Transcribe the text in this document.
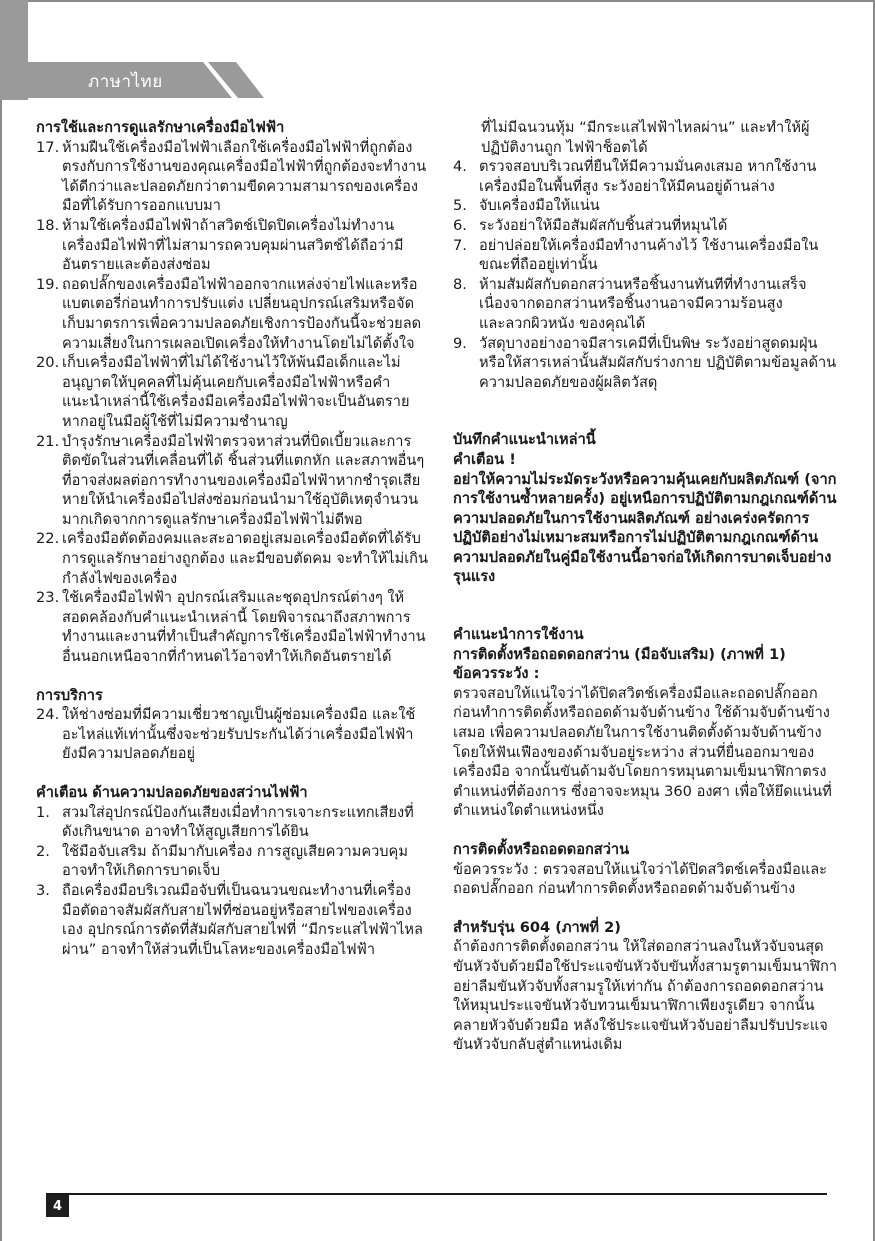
ภาษาไทย
การใช้และการดูแลรักษาเครื่องมือไฟฟ้า
17. ห้ามฝืนใช้เครื่องมือไฟฟ้าเลือกใช้เครื่องมือไฟฟ้าที่ถูกต้องตรงกับการใช้งานของคุณเครื่องมือไฟฟ้าที่ถูกต้องจะทำงานได้ดีกว่าและปลอดภัยกว่าตามขีดความสามารถของเครื่องมือที่ได้รับการออกแบบมา
18. ห้ามใช้เครื่องมือไฟฟ้าถ้าสวิตช์เปิดปิดเครื่องไม่ทำงานเครื่องมือไฟฟ้าที่ไม่สามารถควบคุมผ่านสวิตช์ได้ถือว่ามีอันตรายและต้องส่งซ่อม
19. ถอดปลั๊กของเครื่องมือไฟฟ้าออกจากแหล่งจ่ายไฟและหรือแบตเตอรี่ก่อนทำการปรับแต่ง เปลี่ยนอุปกรณ์เสริมหรือจัดเก็บมาตรการเพื่อความปลอดภัยเชิงการป้องกันนี้จะช่วยลดความเสี่ยงในการเผลอเปิดเครื่องให้ทำงานโดยไม่ได้ตั้งใจ
20. เก็บเครื่องมือไฟฟ้าที่ไม่ได้ใช้งานไว้ให้พ้นมือเด็กและไม่อนุญาตให้บุคคลที่ไม่คุ้นเคยกับเครื่องมือไฟฟ้าหรือคำแนะนำเหล่านี้ใช้เครื่องมือเครื่องมือไฟฟ้าจะเป็นอันตรายหากอยู่ในมือผู้ใช้ที่ไม่มีความชำนาญ
21. บำรุงรักษาเครื่องมือไฟฟ้าตรวจหาส่วนที่บิดเบี้ยวและการติดขัดในส่วนที่เคลื่อนที่ได้ ชิ้นส่วนที่แตกหัก และสภาพอื่นๆ ที่อาจส่งผลต่อการทำงานของเครื่องมือไฟฟ้าหากชำรุดเสียหายให้นำเครื่องมือไปส่งซ่อมก่อนนำมาใช้อุบัติเหตุจำนวนมากเกิดจากการดูแลรักษาเครื่องมือไฟฟ้าไม่ดีพอ
22. เครื่องมือตัดต้องคมและสะอาดอยู่เสมอเครื่องมือตัดที่ได้รับการดูแลรักษาอย่างถูกต้อง และมีขอบตัดคม จะทำให้ไม่เกินกำลังไฟของเครื่อง
23. ใช้เครื่องมือไฟฟ้า อุปกรณ์เสริมและชุดอุปกรณ์ต่างๆ ให้สอดคล้องกับคำแนะนำเหล่านี้ โดยพิจารณาถึงสภาพการทำงานและงานที่ทำเป็นสำคัญการใช้เครื่องมือไฟฟ้าทำงานอื่นนอกเหนือจากที่กำหนดไว้อาจทำให้เกิดอันตรายได้
การบริการ
24. ให้ช่างซ่อมที่มีความเชี่ยวชาญเป็นผู้ซ่อมเครื่องมือ และใช้อะไหล่แท้เท่านั้นซึ่งจะช่วยรับประกันได้ว่าเครื่องมือไฟฟ้ายังมีความปลอดภัยอยู่
คำเตือน ด้านความปลอดภัยของสว่านไฟฟ้า
1. สวมใส่อุปกรณ์ป้องกันเสียงเมื่อทำการเจาะกระแทกเสียงที่ดังเกินขนาด อาจทำให้สูญเสียการได้ยิน
2. ใช้มือจับเสริม ถ้ามีมากับเครื่อง การสูญเสียความควบคุมอาจทำให้เกิดการบาดเจ็บ
3. ถือเครื่องมือบริเวณมือจับที่เป็นฉนวนขณะทำงานที่เครื่องมือตัดอาจสัมผัสกับสายไฟที่ซ่อนอยู่หรือสายไฟของเครื่องเอง อุปกรณ์การตัดที่สัมผัสกับสายไฟที่ “มีกระแสไฟฟ้าไหลผ่าน” อาจทำให้ส่วนที่เป็นโลหะของเครื่องมือไฟฟ้า
ที่ไม่มีฉนวนหุ้ม “มีกระแสไฟฟ้าไหลผ่าน” และทำให้ผู้ปฏิบัติงานถูก ไฟฟ้าช็อตได้
4. ตรวจสอบบริเวณที่ยืนให้มีความมั่นคงเสมอ หากใช้งานเครื่องมือในพื้นที่สูง ระวังอย่าให้มีคนอยู่ด้านล่าง
5. จับเครื่องมือให้แน่น
6. ระวังอย่าให้มือสัมผัสกับชิ้นส่วนที่หมุนได้
7. อย่าปล่อยให้เครื่องมือทำงานค้างไว้ ใช้งานเครื่องมือในขณะที่ถืออยู่เท่านั้น
8. ห้ามสัมผัสกับดอกสว่านหรือชิ้นงานทันทีที่ทำงานเสร็จเนื่องจากดอกสว่านหรือชิ้นงานอาจมีความร้อนสูง
และลวกผิวหนัง ของคุณได้
9. วัสดุบางอย่างอาจมีสารเคมีที่เป็นพิษ ระวังอย่าสูดดมฝุ่นหรือให้สารเหล่านั้นสัมผัสกับร่างกาย ปฏิบัติตามข้อมูลด้านความปลอดภัยของผู้ผลิตวัสดุ
บันทึกคำแนะนำเหล่านี้
คำเตือน !
อย่าให้ความไม่ระมัดระวังหรือความคุ้นเคยกับผลิตภัณฑ์ (จากการใช้งานซ้ำหลายครั้ง) อยู่เหนือการปฏิบัติตามกฎเกณฑ์ด้านความปลอดภัยในการใช้งานผลิตภัณฑ์ อย่างเคร่งครัดการปฏิบัติอย่างไม่เหมาะสมหรือการไม่ปฏิบัติตามกฎเกณฑ์ด้านความปลอดภัยในคู่มือใช้งานนี้อาจก่อให้เกิดการบาดเจ็บอย่างรุนแรง
คำแนะนำการใช้งาน
การติดตั้งหรือถอดดอกสว่าน (มือจับเสริม) (ภาพที่ 1)
ข้อควรระวัง :
ตรวจสอบให้แน่ใจว่าได้ปิดสวิตช์เครื่องมือและถอดปลั๊กออกก่อนทำการติดตั้งหรือถอดด้ามจับด้านข้าง ใช้ด้ามจับด้านข้างเสมอ เพื่อความปลอดภัยในการใช้งานติดตั้งด้ามจับด้านข้างโดยให้ฟันเฟืองของด้ามจับอยู่ระหว่าง ส่วนที่ยื่นออกมาของเครื่องมือ จากนั้นขันด้ามจับโดยการหมุนตามเข็มนาฬิกาตรงตำแหน่งที่ต้องการ ซึ่งอาจจะหมุน 360 องศา เพื่อให้ยึดแน่นที่ตำแหน่งใดตำแหน่งหนึ่ง
การติดตั้งหรือถอดดอกสว่าน
ข้อควรระวัง : ตรวจสอบให้แน่ใจว่าได้ปิดสวิตช์เครื่องมือและถอดปลั๊กออก ก่อนทำการติดตั้งหรือถอดด้ามจับด้านข้าง
สำหรับรุ่น 604 (ภาพที่ 2)
ถ้าต้องการติดตั้งดอกสว่าน ให้ใส่ดอกสว่านลงในหัวจับจนสุดขันหัวจับด้วยมือใช้ประแจขันหัวจับขันทั้งสามรูตามเข็มนาฬิกา อย่าลืมขันหัวจับทั้งสามรูให้เท่ากัน ถ้าต้องการถอดดอกสว่าน ให้หมุนประแจขันหัวจับทวนเข็มนาฬิกาเพียงรูเดียว จากนั้น คลายหัวจับด้วยมือ หลังใช้ประแจขันหัวจับอย่าลืมปรับประแจ ขันหัวจับกลับสู่ตำแหน่งเดิม
4
